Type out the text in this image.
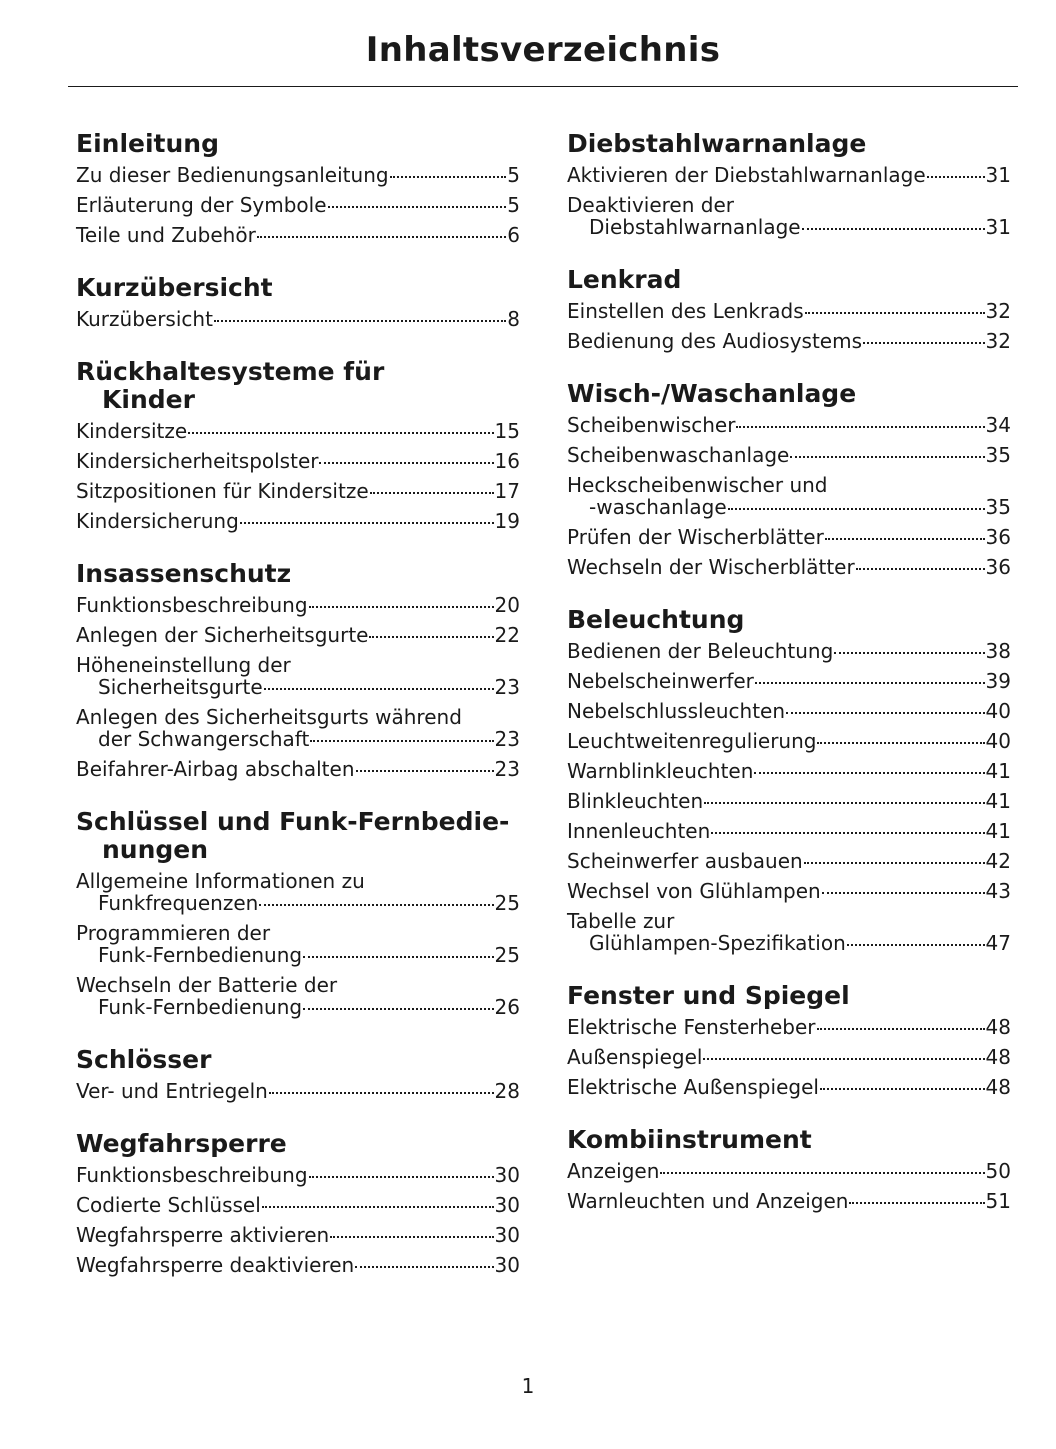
Inhaltsverzeichnis
Einleitung
Zu dieser Bedienungsanleitung	5
Erläuterung der Symbole	5
Teile und Zubehör	6
Kurzübersicht
Kurzübersicht	8
Rückhaltesysteme für
Kinder
Kindersitze	15
Kindersicherheitspolster	16
Sitzpositionen für Kindersitze	17
Kindersicherung	19
Insassenschutz
Funktionsbeschreibung	20
Anlegen der Sicherheitsgurte	22
Höheneinstellung der
Sicherheitsgurte	23
Anlegen des Sicherheitsgurts während
der Schwangerschaft	23
Beifahrer-Airbag abschalten	23
Schlüssel und Funk-Fernbedie-
nungen
Allgemeine Informationen zu
Funkfrequenzen	25
Programmieren der
Funk-Fernbedienung	25
Wechseln der Batterie der
Funk-Fernbedienung	26
Schlösser
Ver- und Entriegeln	28
Wegfahrsperre
Funktionsbeschreibung	30
Codierte Schlüssel	30
Wegfahrsperre aktivieren	30
Wegfahrsperre deaktivieren	30
Diebstahlwarnanlage
Aktivieren der Diebstahlwarnanlage	31
Deaktivieren der
Diebstahlwarnanlage	31
Lenkrad
Einstellen des Lenkrads	32
Bedienung des Audiosystems	32
Wisch-/Waschanlage
Scheibenwischer	34
Scheibenwaschanlage	35
Heckscheibenwischer und
-waschanlage	35
Prüfen der Wischerblätter	36
Wechseln der Wischerblätter	36
Beleuchtung
Bedienen der Beleuchtung	38
Nebelscheinwerfer	39
Nebelschlussleuchten	40
Leuchtweitenregulierung	40
Warnblinkleuchten	41
Blinkleuchten	41
Innenleuchten	41
Scheinwerfer ausbauen	42
Wechsel von Glühlampen	43
Tabelle zur
Glühlampen-Spezifikation	47
Fenster und Spiegel
Elektrische Fensterheber	48
Außenspiegel	48
Elektrische Außenspiegel	48
Kombiinstrument
Anzeigen	50
Warnleuchten und Anzeigen	51
1
